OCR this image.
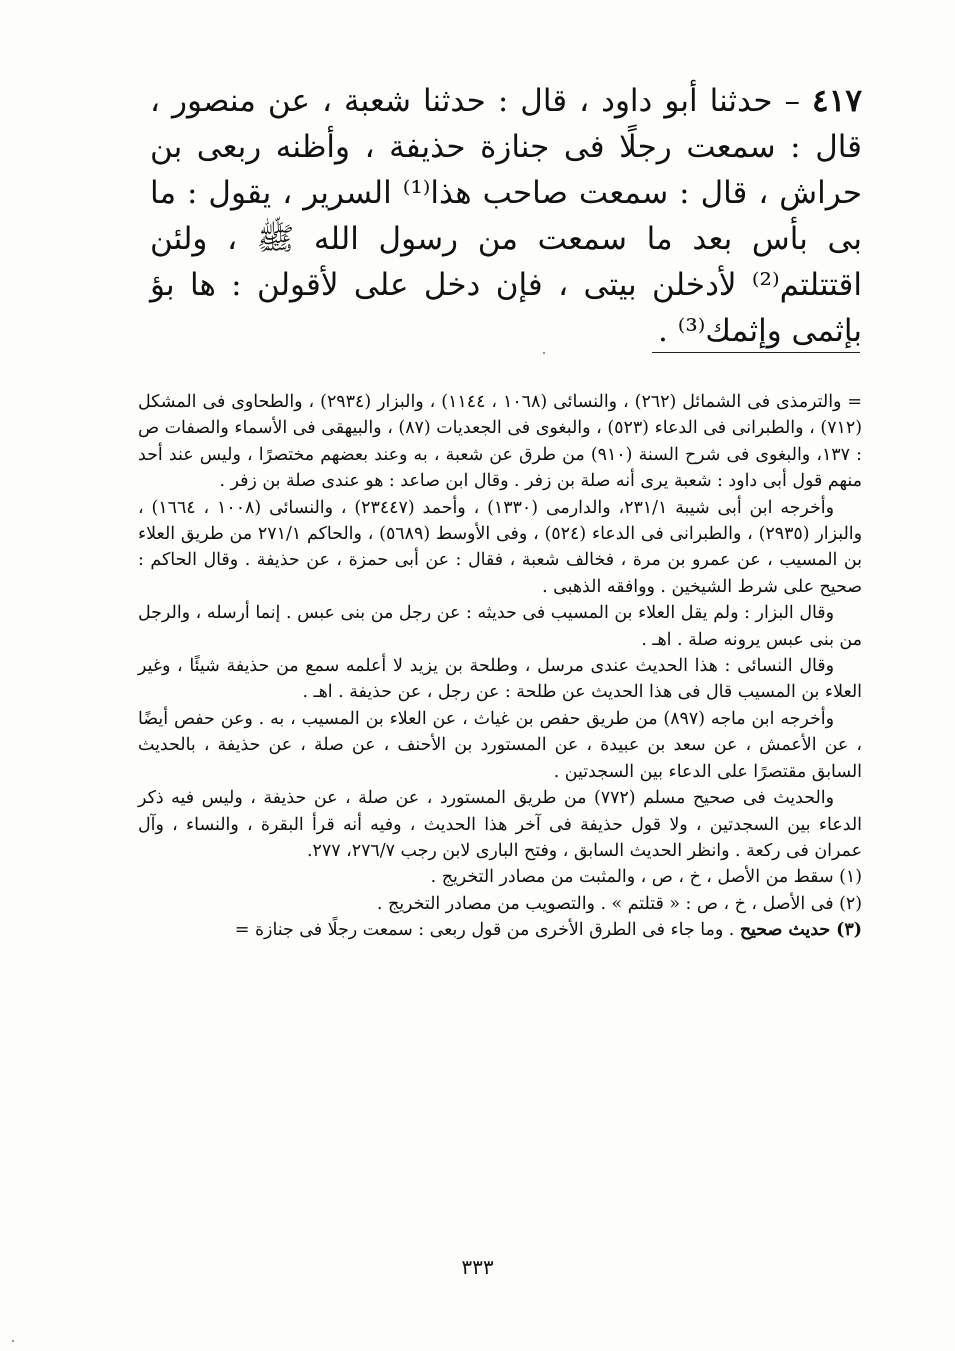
٤١٧ – حدثنا أبو داود ، قال : حدثنا شعبة ، عن منصور ، قال : سمعت رجلًا فى جنازة حذيفة ، وأظنه ربعى بن حراش ، قال : سمعت صاحب هذا⁽¹⁾ السرير ، يقول : ما بى بأس بعد ما سمعت من رسول الله ﷺ ، ولئن اقتتلتم⁽²⁾ لأدخلن بيتى ، فإن دخل على لأقولن : ها بؤ بإثمى وإثمك⁽³⁾ .

= والترمذى فى الشمائل (٢٦٢) ، والنسائى (١٠٦٨ ، ١١٤٤) ، والبزار (٢٩٣٤) ، والطحاوى فى المشكل (٧١٢) ، والطبرانى فى الدعاء (٥٢٣) ، والبغوى فى الجعديات (٨٧) ، والبيهقى فى الأسماء والصفات ص : ١٣٧، والبغوى فى شرح السنة (٩١٠) من طرق عن شعبة ، به وعند بعضهم مختصرًا ، وليس عند أحد منهم قول أبى داود : شعبة يرى أنه صلة بن زفر . وقال ابن صاعد : هو عندى صلة بن زفر .

وأخرجه ابن أبى شيبة ٢٣١/١، والدارمى (١٣٣٠) ، وأحمد (٢٣٤٤٧) ، والنسائى (١٠٠٨ ، ١٦٦٤) ، والبزار (٢٩٣٥) ، والطبرانى فى الدعاء (٥٢٤) ، وفى الأوسط (٥٦٨٩) ، والحاكم ٢٧١/١ من طريق العلاء بن المسيب ، عن عمرو بن مرة ، فخالف شعبة ، فقال : عن أبى حمزة ، عن حذيفة . وقال الحاكم : صحيح على شرط الشيخين . ووافقه الذهبى .

وقال البزار : ولم يقل العلاء بن المسيب فى حديثه : عن رجل من بنى عبس . إنما أرسله ، والرجل من بنى عبس يرونه صلة . اهـ .

وقال النسائى : هذا الحديث عندى مرسل ، وطلحة بن يزيد لا أعلمه سمع من حذيفة شيئًا ، وغير العلاء بن المسيب قال فى هذا الحديث عن طلحة : عن رجل ، عن حذيفة . اهـ .

وأخرجه ابن ماجه (٨٩٧) من طريق حفص بن غياث ، عن العلاء بن المسيب ، به . وعن حفص أيضًا ، عن الأعمش ، عن سعد بن عبيدة ، عن المستورد بن الأحنف ، عن صلة ، عن حذيفة ، بالحديث السابق مقتصرًا على الدعاء بين السجدتين .

والحديث فى صحيح مسلم (٧٧٢) من طريق المستورد ، عن صلة ، عن حذيفة ، وليس فيه ذكر الدعاء بين السجدتين ، ولا قول حذيفة فى آخر هذا الحديث ، وفيه أنه قرأ البقرة ، والنساء ، وآل عمران فى ركعة . وانظر الحديث السابق ، وفتح البارى لابن رجب ٢٧٦/٧، ٢٧٧.

(١) سقط من الأصل ، خ ، ص ، والمثبت من مصادر التخريج .

(٢) فى الأصل ، خ ، ص : « قتلتم » . والتصويب من مصادر التخريج .

(٣) حديث صحيح . وما جاء فى الطرق الأخرى من قول ربعى : سمعت رجلًا فى جنازة =

٣٣٣
